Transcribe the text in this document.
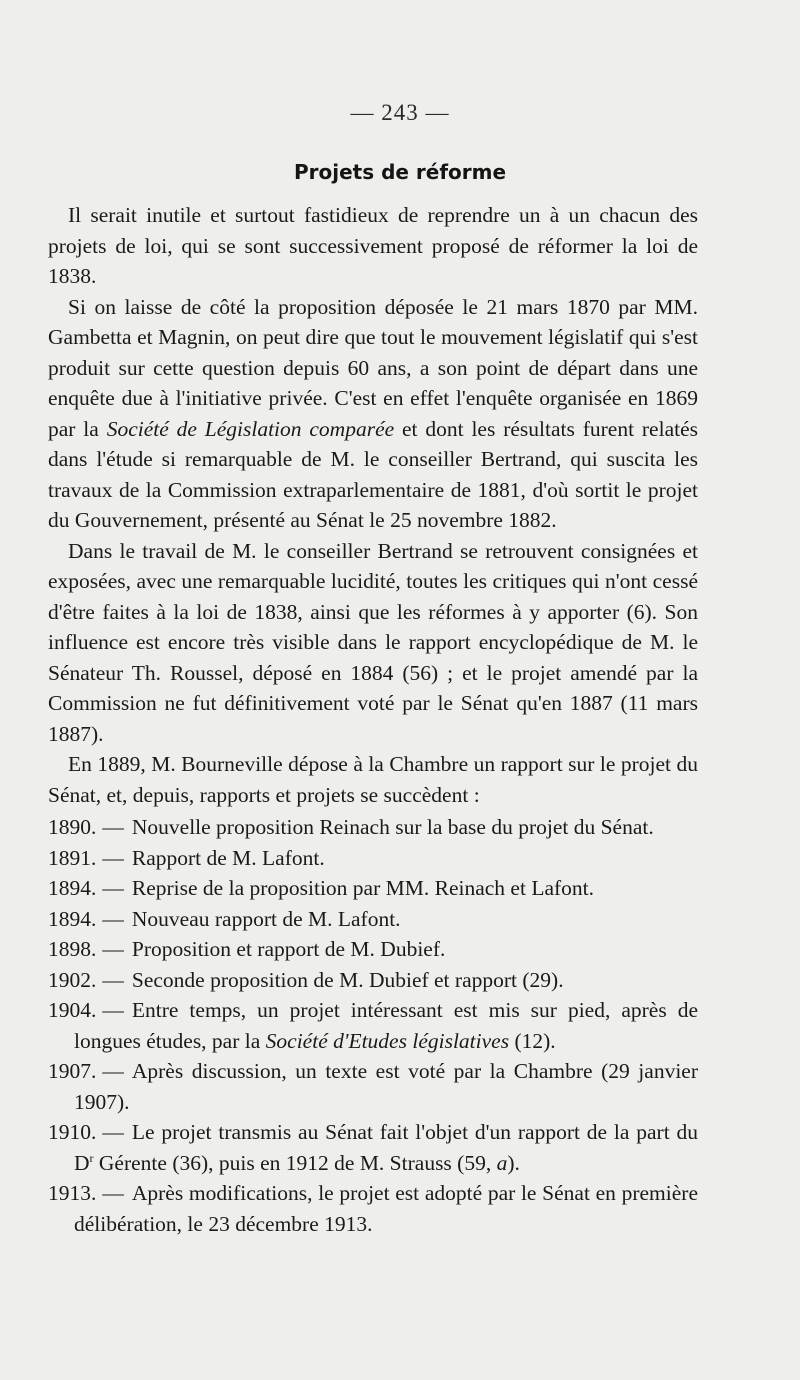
— 243 —
Projets de réforme

Il serait inutile et surtout fastidieux de reprendre un à un chacun des projets de loi, qui se sont successivement proposé de réformer la loi de 1838.

Si on laisse de côté la proposition déposée le 21 mars 1870 par MM. Gambetta et Magnin, on peut dire que tout le mouvement législatif qui s'est produit sur cette question depuis 60 ans, a son point de départ dans une enquête due à l'initiative privée. C'est en effet l'enquête organisée en 1869 par la Société de Législation comparée et dont les résultats furent relatés dans l'étude si remarquable de M. le conseiller Bertrand, qui suscita les travaux de la Commission extraparlementaire de 1881, d'où sortit le projet du Gouvernement, présenté au Sénat le 25 novembre 1882.

Dans le travail de M. le conseiller Bertrand se retrouvent consignées et exposées, avec une remarquable lucidité, toutes les critiques qui n'ont cessé d'être faites à la loi de 1838, ainsi que les réformes à y apporter (6). Son influence est encore très visible dans le rapport encyclopédique de M. le Sénateur Th. Roussel, déposé en 1884 (56) ; et le projet amendé par la Commission ne fut définitivement voté par le Sénat qu'en 1887 (11 mars 1887).

En 1889, M. Bourneville dépose à la Chambre un rapport sur le projet du Sénat, et, depuis, rapports et projets se succèdent :

1890. — Nouvelle proposition Reinach sur la base du projet du Sénat.
1891. — Rapport de M. Lafont.
1894. — Reprise de la proposition par MM. Reinach et Lafont.
1894. — Nouveau rapport de M. Lafont.
1898. — Proposition et rapport de M. Dubief.
1902. — Seconde proposition de M. Dubief et rapport (29).
1904. — Entre temps, un projet intéressant est mis sur pied, après de longues études, par la Société d'Etudes législatives (12).
1907. — Après discussion, un texte est voté par la Chambre (29 janvier 1907).
1910. — Le projet transmis au Sénat fait l'objet d'un rapport de la part du $D^r$ Gérente (36), puis en 1912 de M. Strauss (59, a).
1913. — Après modifications, le projet est adopté par le Sénat en première délibération, le 23 décembre 1913.
